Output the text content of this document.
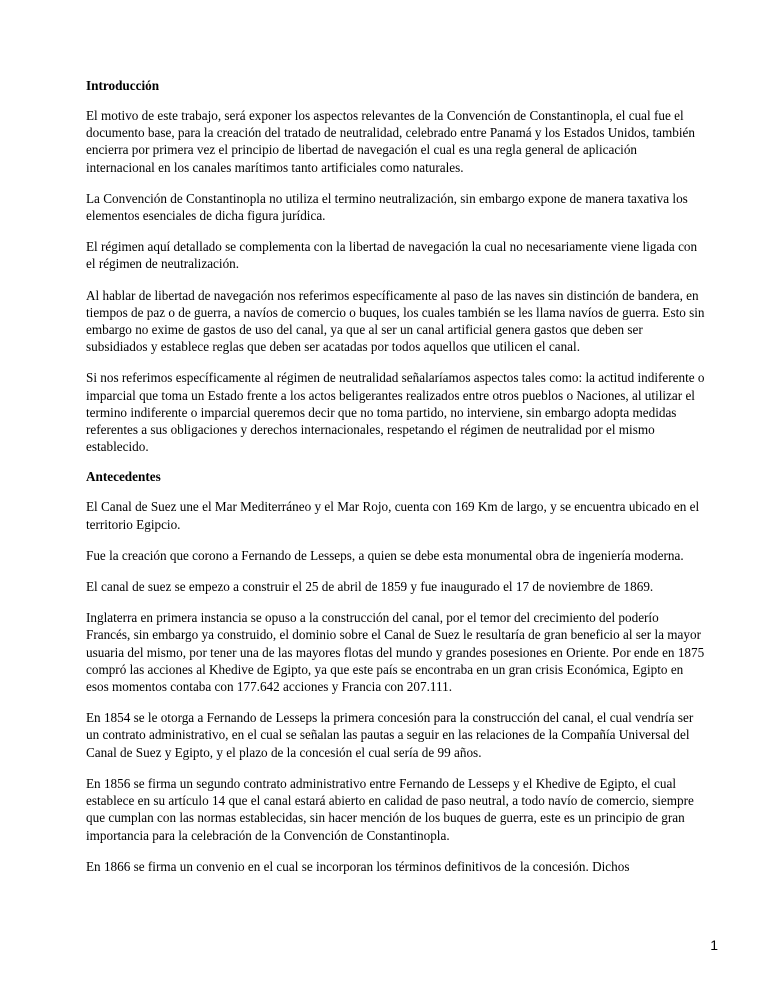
Introducción

El motivo de este trabajo, será exponer los aspectos relevantes de la Convención de Constantinopla, el cual fue el documento base, para la creación del tratado de neutralidad, celebrado entre Panamá y los Estados Unidos, también encierra por primera vez el principio de libertad de navegación el cual es una regla general de aplicación internacional en los canales marítimos tanto artificiales como naturales.

La Convención de Constantinopla no utiliza el termino neutralización, sin embargo expone de manera taxativa los elementos esenciales de dicha figura jurídica.

El régimen aquí detallado se complementa con la libertad de navegación la cual no necesariamente viene ligada con el régimen de neutralización.

Al hablar de libertad de navegación nos referimos específicamente al paso de las naves sin distinción de bandera, en tiempos de paz o de guerra, a navíos de comercio o buques, los cuales también se les llama navíos de guerra. Esto sin embargo no exime de gastos de uso del canal, ya que al ser un canal artificial genera gastos que deben ser subsidiados y establece reglas que deben ser acatadas por todos aquellos que utilicen el canal.

Si nos referimos específicamente al régimen de neutralidad señalaríamos aspectos tales como: la actitud indiferente o imparcial que toma un Estado frente a los actos beligerantes realizados entre otros pueblos o Naciones, al utilizar el termino indiferente o imparcial queremos decir que no toma partido, no interviene, sin embargo adopta medidas referentes a sus obligaciones y derechos internacionales, respetando el régimen de neutralidad por el mismo establecido.

Antecedentes

El Canal de Suez une el Mar Mediterráneo y el Mar Rojo, cuenta con 169 Km de largo, y se encuentra ubicado en el territorio Egipcio.

Fue la creación que corono a Fernando de Lesseps, a quien se debe esta monumental obra de ingeniería moderna.

El canal de suez se empezo a construir el 25 de abril de 1859 y fue inaugurado el 17 de noviembre de 1869.

Inglaterra en primera instancia se opuso a la construcción del canal, por el temor del crecimiento del poderío Francés, sin embargo ya construido, el dominio sobre el Canal de Suez le resultaría de gran beneficio al ser la mayor usuaria del mismo, por tener una de las mayores flotas del mundo y grandes posesiones en Oriente. Por ende en 1875 compró las acciones al Khedive de Egipto, ya que este país se encontraba en un gran crisis Económica, Egipto en esos momentos contaba con 177.642 acciones y Francia con 207.111.

En 1854 se le otorga a Fernando de Lesseps la primera concesión para la construcción del canal, el cual vendría ser un contrato administrativo, en el cual se señalan las pautas a seguir en las relaciones de la Compañía Universal del Canal de Suez y Egipto, y el plazo de la concesión el cual sería de 99 años.

En 1856 se firma un segundo contrato administrativo entre Fernando de Lesseps y el Khedive de Egipto, el cual establece en su artículo 14 que el canal estará abierto en calidad de paso neutral, a todo navío de comercio, siempre que cumplan con las normas establecidas, sin hacer mención de los buques de guerra, este es un principio de gran importancia para la celebración de la Convención de Constantinopla.

En 1866 se firma un convenio en el cual se incorporan los términos definitivos de la concesión. Dichos

1
